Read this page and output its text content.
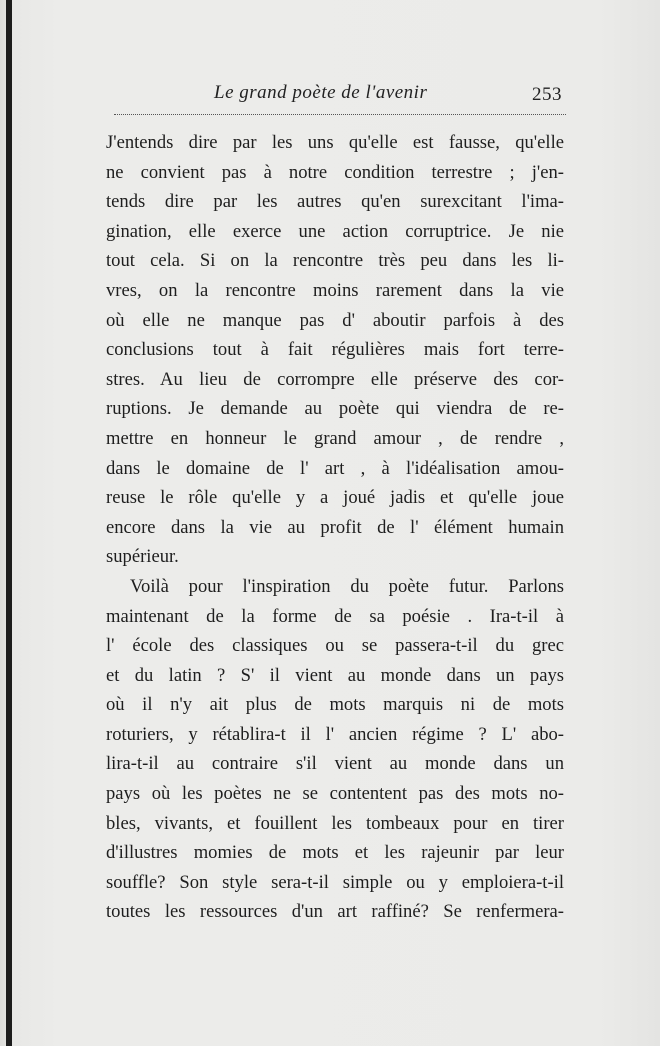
Le grand poète de l'avenir	253
J'entends dire par les uns qu'elle est fausse, qu'elle
ne convient pas à notre condition terrestre ; j'en-
tends dire par les autres qu'en surexcitant l'ima-
gination, elle exerce une action corruptrice. Je nie
tout cela. Si on la rencontre très peu dans les li-
vres, on la rencontre moins rarement dans la vie
où elle ne manque pas d' aboutir parfois à des
conclusions tout à fait régulières mais fort terre-
stres. Au lieu de corrompre elle préserve des cor-
ruptions. Je demande au poète qui viendra de re-
mettre en honneur le grand amour , de rendre ,
dans le domaine de l' art , à l'idéalisation amou-
reuse le rôle qu'elle y a joué jadis et qu'elle joue
encore dans la vie au profit de l' élément humain
supérieur.
Voilà pour l'inspiration du poète futur. Parlons
maintenant de la forme de sa poésie . Ira-t-il à
l' école des classiques ou se passera-t-il du grec
et du latin ? S' il vient au monde dans un pays
où il n'y ait plus de mots marquis ni de mots
roturiers, y rétablira-t il l' ancien régime ? L' abo-
lira-t-il au contraire s'il vient au monde dans un
pays où les poètes ne se contentent pas des mots no-
bles, vivants, et fouillent les tombeaux pour en tirer
d'illustres momies de mots et les rajeunir par leur
souffle? Son style sera-t-il simple ou y emploiera-t-il
toutes les ressources d'un art raffiné? Se renfermera-
